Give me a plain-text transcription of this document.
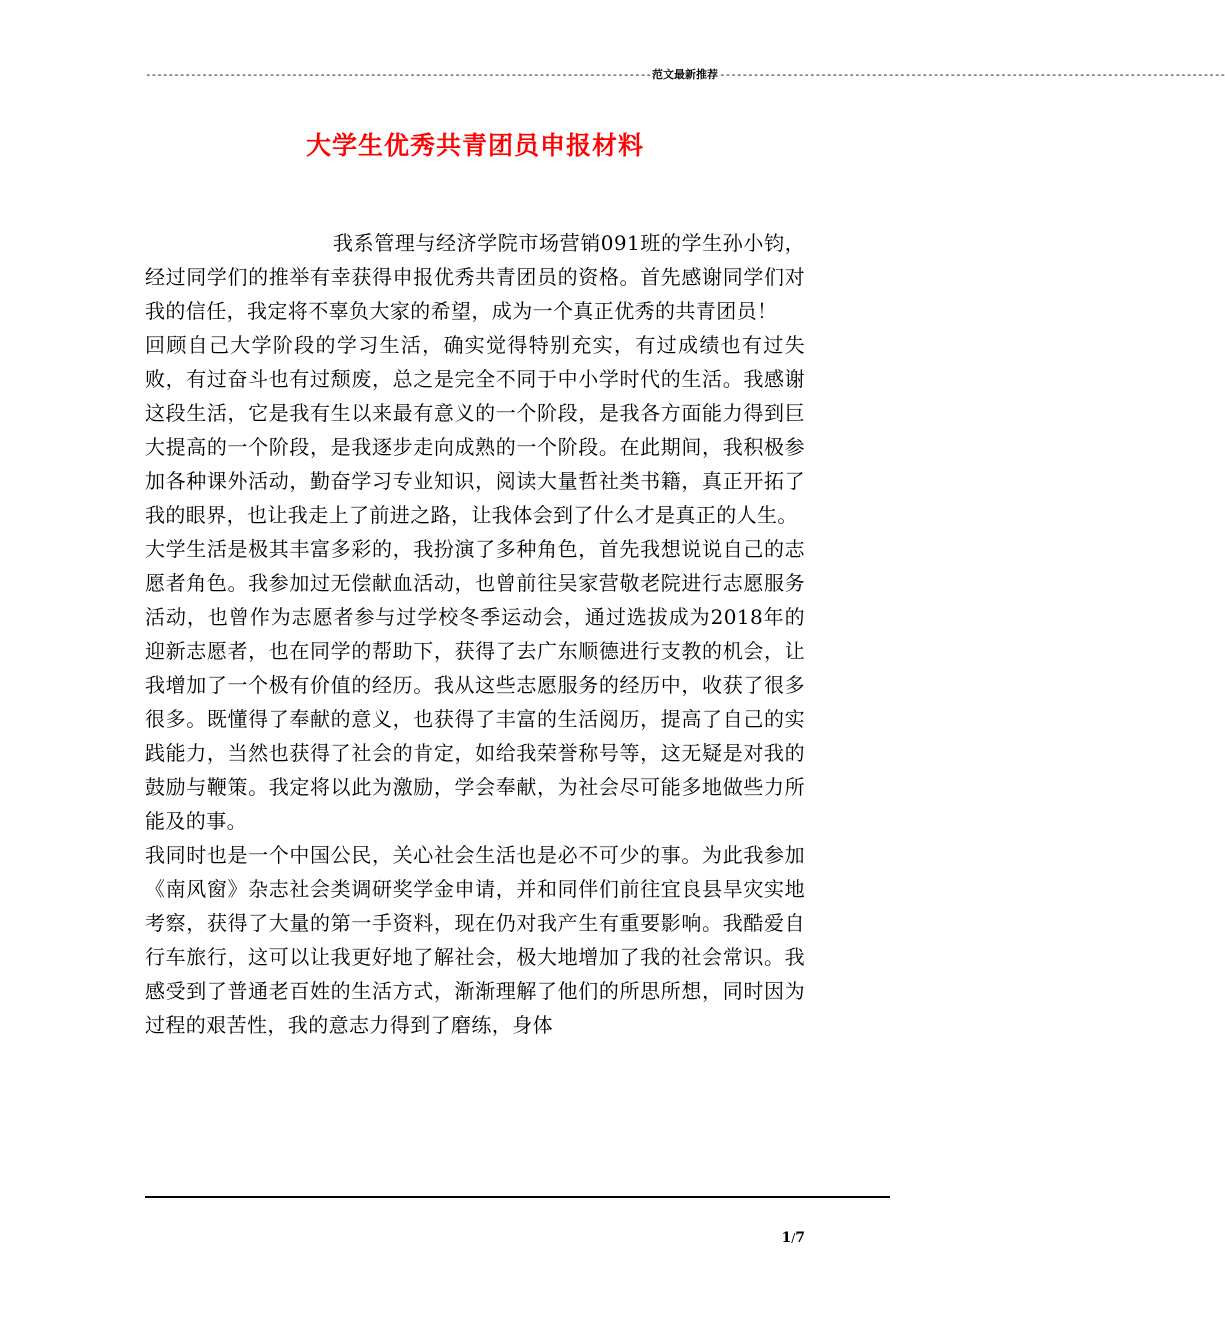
------------------------------------------------------------------------------------------ 范文最新推荐 ------------------------------------------------------------------------------------------
大学生优秀共青团员申报材料

我系管理与经济学院市场营销091班的学生孙小钧，经过同学们的推举有幸获得申报优秀共青团员的资格。首先感谢同学们对我的信任，我定将不辜负大家的希望，成为一个真正优秀的共青团员！

回顾自己大学阶段的学习生活，确实觉得特别充实，有过成绩也有过失败，有过奋斗也有过颓废，总之是完全不同于中小学时代的生活。我感谢这段生活，它是我有生以来最有意义的一个阶段，是我各方面能力得到巨大提高的一个阶段，是我逐步走向成熟的一个阶段。在此期间，我积极参加各种课外活动，勤奋学习专业知识，阅读大量哲社类书籍，真正开拓了我的眼界，也让我走上了前进之路，让我体会到了什么才是真正的人生。

大学生活是极其丰富多彩的，我扮演了多种角色，首先我想说说自己的志愿者角色。我参加过无偿献血活动，也曾前往吴家营敬老院进行志愿服务活动，也曾作为志愿者参与过学校冬季运动会，通过选拔成为2018年的迎新志愿者，也在同学的帮助下，获得了去广东顺德进行支教的机会，让我增加了一个极有价值的经历。我从这些志愿服务的经历中，收获了很多很多。既懂得了奉献的意义，也获得了丰富的生活阅历，提高了自己的实践能力，当然也获得了社会的肯定，如给我荣誉称号等，这无疑是对我的鼓励与鞭策。我定将以此为激励，学会奉献，为社会尽可能多地做些力所能及的事。

我同时也是一个中国公民，关心社会生活也是必不可少的事。为此我参加《南风窗》杂志社会类调研奖学金申请，并和同伴们前往宜良县旱灾实地考察，获得了大量的第一手资料，现在仍对我产生有重要影响。我酷爱自行车旅行，这可以让我更好地了解社会，极大地增加了我的社会常识。我感受到了普通老百姓的生活方式，渐渐理解了他们的所思所想，同时因为过程的艰苦性，我的意志力得到了磨练，身体

1/7
